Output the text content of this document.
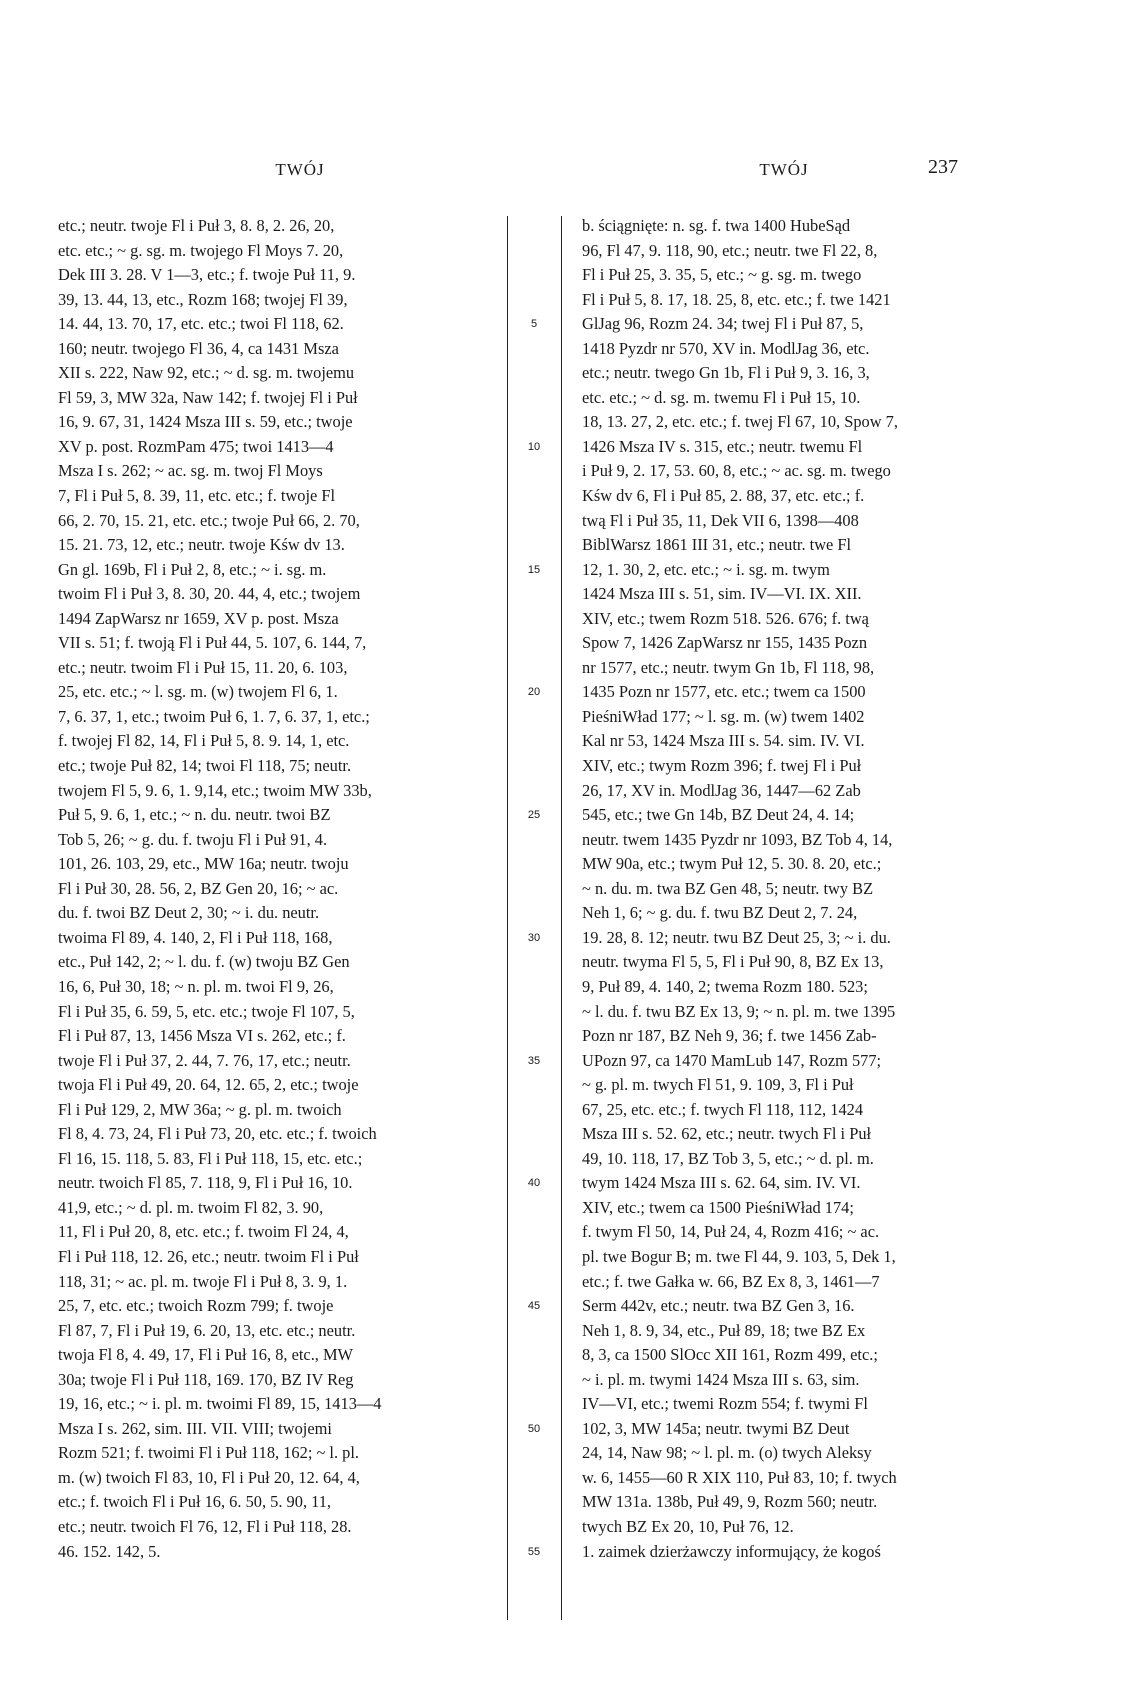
TWÓJ	TWÓJ	237
etc.; neutr. twoje Fl i Puł 3, 8. 8, 2. 26, 20,
etc. etc.; ~ g. sg. m. twojego Fl Moys 7. 20,
Dek III 3. 28. V 1—3, etc.; f. twoje Puł 11, 9.
39, 13. 44, 13, etc., Rozm 168; twojej Fl 39,
14. 44, 13. 70, 17, etc. etc.; twoi Fl 118, 62.
160; neutr. twojego Fl 36, 4, ca 1431 Msza
XII s. 222, Naw 92, etc.; ~ d. sg. m. twojemu
Fl 59, 3, MW 32a, Naw 142; f. twojej Fl i Puł
16, 9. 67, 31, 1424 Msza III s. 59, etc.; twoje
XV p. post. RozmPam 475; twoi 1413—4
Msza I s. 262; ~ ac. sg. m. twoj Fl Moys
7, Fl i Puł 5, 8. 39, 11, etc. etc.; f. twoje Fl
66, 2. 70, 15. 21, etc. etc.; twoje Puł 66, 2. 70,
15. 21. 73, 12, etc.; neutr. twoje Kśw dv 13.
Gn gl. 169b, Fl i Puł 2, 8, etc.; ~ i. sg. m.
twoim Fl i Puł 3, 8. 30, 20. 44, 4, etc.; twojem
1494 ZapWarsz nr 1659, XV p. post. Msza
VII s. 51; f. twoją Fl i Puł 44, 5. 107, 6. 144, 7,
etc.; neutr. twoim Fl i Puł 15, 11. 20, 6. 103,
25, etc. etc.; ~ l. sg. m. (w) twojem Fl 6, 1.
7, 6. 37, 1, etc.; twoim Puł 6, 1. 7, 6. 37, 1, etc.;
f. twojej Fl 82, 14, Fl i Puł 5, 8. 9. 14, 1, etc.
etc.; twoje Puł 82, 14; twoi Fl 118, 75; neutr.
twojem Fl 5, 9. 6, 1. 9,14, etc.; twoim MW 33b,
Puł 5, 9. 6, 1, etc.; ~ n. du. neutr. twoi BZ
Tob 5, 26; ~ g. du. f. twoju Fl i Puł 91, 4.
101, 26. 103, 29, etc., MW 16a; neutr. twoju
Fl i Puł 30, 28. 56, 2, BZ Gen 20, 16; ~ ac.
du. f. twoi BZ Deut 2, 30; ~ i. du. neutr.
twoima Fl 89, 4. 140, 2, Fl i Puł 118, 168,
etc., Puł 142, 2; ~ l. du. f. (w) twoju BZ Gen
16, 6, Puł 30, 18; ~ n. pl. m. twoi Fl 9, 26,
Fl i Puł 35, 6. 59, 5, etc. etc.; twoje Fl 107, 5,
Fl i Puł 87, 13, 1456 Msza VI s. 262, etc.; f.
twoje Fl i Puł 37, 2. 44, 7. 76, 17, etc.; neutr.
twoja Fl i Puł 49, 20. 64, 12. 65, 2, etc.; twoje
Fl i Puł 129, 2, MW 36a; ~ g. pl. m. twoich
Fl 8, 4. 73, 24, Fl i Puł 73, 20, etc. etc.; f. twoich
Fl 16, 15. 118, 5. 83, Fl i Puł 118, 15, etc. etc.;
neutr. twoich Fl 85, 7. 118, 9, Fl i Puł 16, 10.
41,9, etc.; ~ d. pl. m. twoim Fl 82, 3. 90,
11, Fl i Puł 20, 8, etc. etc.; f. twoim Fl 24, 4,
Fl i Puł 118, 12. 26, etc.; neutr. twoim Fl i Puł
118, 31; ~ ac. pl. m. twoje Fl i Puł 8, 3. 9, 1.
25, 7, etc. etc.; twoich Rozm 799; f. twoje
Fl 87, 7, Fl i Puł 19, 6. 20, 13, etc. etc.; neutr.
twoja Fl 8, 4. 49, 17, Fl i Puł 16, 8, etc., MW
30a; twoje Fl i Puł 118, 169. 170, BZ IV Reg
19, 16, etc.; ~ i. pl. m. twoimi Fl 89, 15, 1413—4
Msza I s. 262, sim. III. VII. VIII; twojemi
Rozm 521; f. twoimi Fl i Puł 118, 162; ~ l. pl.
m. (w) twoich Fl 83, 10, Fl i Puł 20, 12. 64, 4,
etc.; f. twoich Fl i Puł 16, 6. 50, 5. 90, 11,
etc.; neutr. twoich Fl 76, 12, Fl i Puł 118, 28.
46. 152. 142, 5.
5
10
15
20
25
30
35
40
45
50
55
b. ściągnięte: n. sg. f. twa 1400 HubeSąd
96, Fl 47, 9. 118, 90, etc.; neutr. twe Fl 22, 8,
Fl i Puł 25, 3. 35, 5, etc.; ~ g. sg. m. twego
Fl i Puł 5, 8. 17, 18. 25, 8, etc. etc.; f. twe 1421
GlJag 96, Rozm 24. 34; twej Fl i Puł 87, 5,
1418 Pyzdr nr 570, XV in. ModlJag 36, etc.
etc.; neutr. twego Gn 1b, Fl i Puł 9, 3. 16, 3,
etc. etc.; ~ d. sg. m. twemu Fl i Puł 15, 10.
18, 13. 27, 2, etc. etc.; f. twej Fl 67, 10, Spow 7,
1426 Msza IV s. 315, etc.; neutr. twemu Fl
i Puł 9, 2. 17, 53. 60, 8, etc.; ~ ac. sg. m. twego
Kśw dv 6, Fl i Puł 85, 2. 88, 37, etc. etc.; f.
twą Fl i Puł 35, 11, Dek VII 6, 1398—408
BiblWarsz 1861 III 31, etc.; neutr. twe Fl
12, 1. 30, 2, etc. etc.; ~ i. sg. m. twym
1424 Msza III s. 51, sim. IV—VI. IX. XII.
XIV, etc.; twem Rozm 518. 526. 676; f. twą
Spow 7, 1426 ZapWarsz nr 155, 1435 Pozn
nr 1577, etc.; neutr. twym Gn 1b, Fl 118, 98,
1435 Pozn nr 1577, etc. etc.; twem ca 1500
PieśniWład 177; ~ l. sg. m. (w) twem 1402
Kal nr 53, 1424 Msza III s. 54. sim. IV. VI.
XIV, etc.; twym Rozm 396; f. twej Fl i Puł
26, 17, XV in. ModlJag 36, 1447—62 Zab
545, etc.; twe Gn 14b, BZ Deut 24, 4. 14;
neutr. twem 1435 Pyzdr nr 1093, BZ Tob 4, 14,
MW 90a, etc.; twym Puł 12, 5. 30. 8. 20, etc.;
~ n. du. m. twa BZ Gen 48, 5; neutr. twy BZ
Neh 1, 6; ~ g. du. f. twu BZ Deut 2, 7. 24,
19. 28, 8. 12; neutr. twu BZ Deut 25, 3; ~ i. du.
neutr. twyma Fl 5, 5, Fl i Puł 90, 8, BZ Ex 13,
9, Puł 89, 4. 140, 2; twema Rozm 180. 523;
~ l. du. f. twu BZ Ex 13, 9; ~ n. pl. m. twe 1395
Pozn nr 187, BZ Neh 9, 36; f. twe 1456 Zab-
UPozn 97, ca 1470 MamLub 147, Rozm 577;
~ g. pl. m. twych Fl 51, 9. 109, 3, Fl i Puł
67, 25, etc. etc.; f. twych Fl 118, 112, 1424
Msza III s. 52. 62, etc.; neutr. twych Fl i Puł
49, 10. 118, 17, BZ Tob 3, 5, etc.; ~ d. pl. m.
twym 1424 Msza III s. 62. 64, sim. IV. VI.
XIV, etc.; twem ca 1500 PieśniWład 174;
f. twym Fl 50, 14, Puł 24, 4, Rozm 416; ~ ac.
pl. twe Bogur B; m. twe Fl 44, 9. 103, 5, Dek 1,
etc.; f. twe Gałka w. 66, BZ Ex 8, 3, 1461—7
Serm 442v, etc.; neutr. twa BZ Gen 3, 16.
Neh 1, 8. 9, 34, etc., Puł 89, 18; twe BZ Ex
8, 3, ca 1500 SlOcc XII 161, Rozm 499, etc.;
~ i. pl. m. twymi 1424 Msza III s. 63, sim.
IV—VI, etc.; twemi Rozm 554; f. twymi Fl
102, 3, MW 145a; neutr. twymi BZ Deut
24, 14, Naw 98; ~ l. pl. m. (o) twych Aleksy
w. 6, 1455—60 R XIX 110, Puł 83, 10; f. twych
MW 131a. 138b, Puł 49, 9, Rozm 560; neutr.
twych BZ Ex 20, 10, Puł 76, 12.
1. zaimek dzierżawczy informujący, że kogoś
